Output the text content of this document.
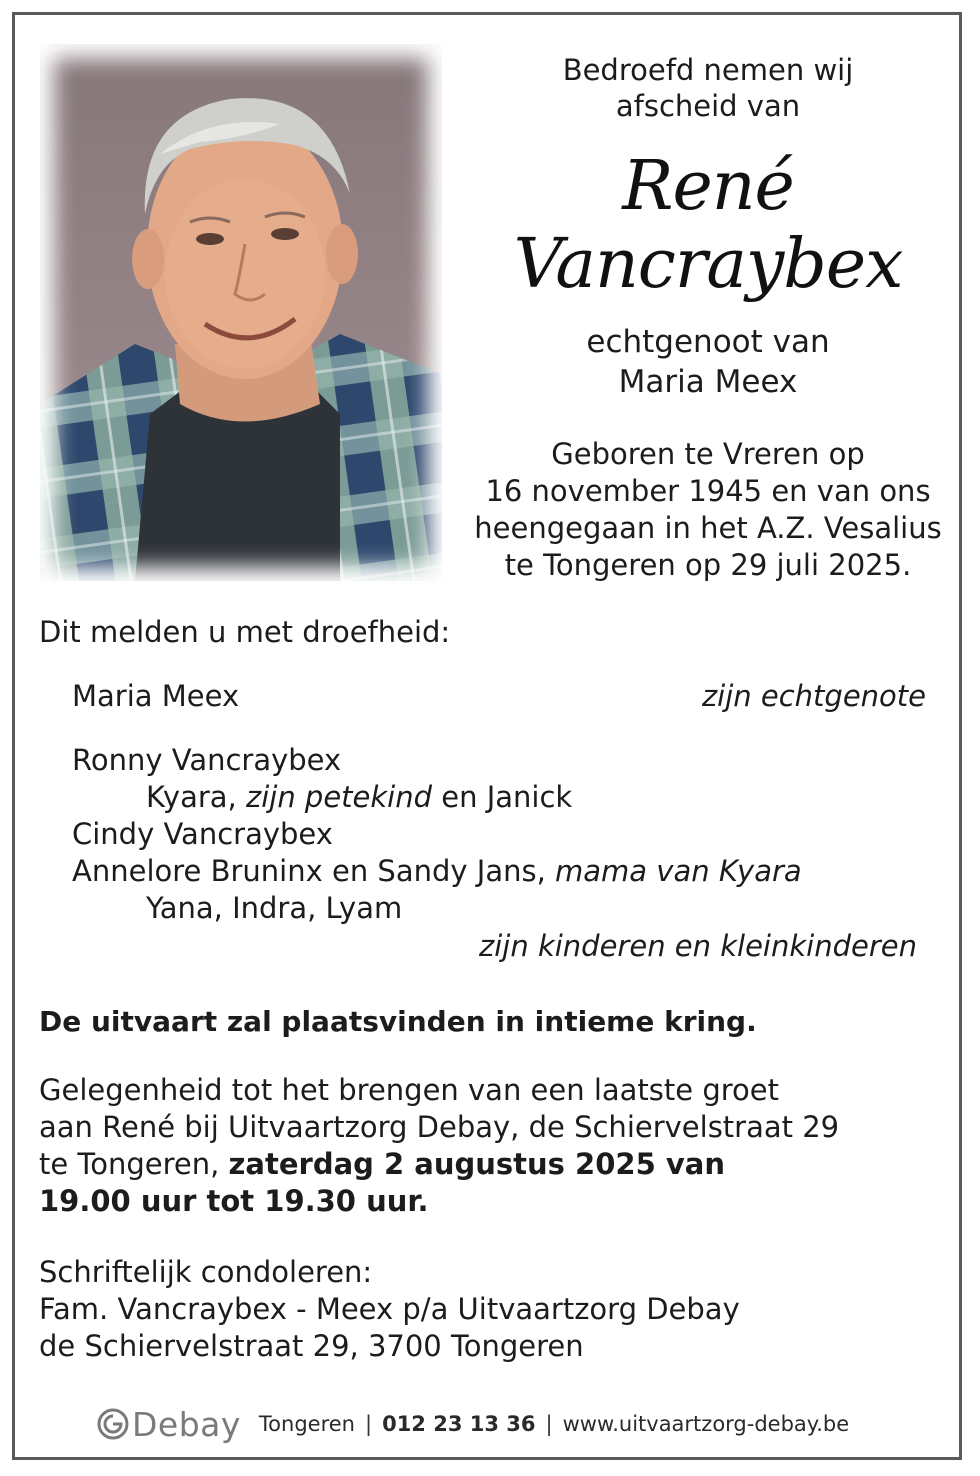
Bedroefd nemen wij
afscheid van
René
Vancraybex
echtgenoot van
Maria Meex
Geboren te Vreren op
16 november 1945 en van ons
heengegaan in het A.Z. Vesalius
te Tongeren op 29 juli 2025.
Dit melden u met droefheid:
Maria Meex	zijn echtgenote
Ronny Vancraybex
Kyara, zijn petekind en Janick
Cindy Vancraybex
Annelore Bruninx en Sandy Jans, mama van Kyara
Yana, Indra, Lyam
zijn kinderen en kleinkinderen
De uitvaart zal plaatsvinden in intieme kring.
Gelegenheid tot het brengen van een laatste groet
aan René bij Uitvaartzorg Debay, de Schiervelstraat 29
te Tongeren, zaterdag 2 augustus 2025 van
19.00 uur tot 19.30 uur.
Schriftelijk condoleren:
Fam. Vancraybex - Meex p/a Uitvaartzorg Debay
de Schiervelstraat 29, 3700 Tongeren
Debay Tongeren | 012 23 13 36 | www.uitvaartzorg-debay.be
